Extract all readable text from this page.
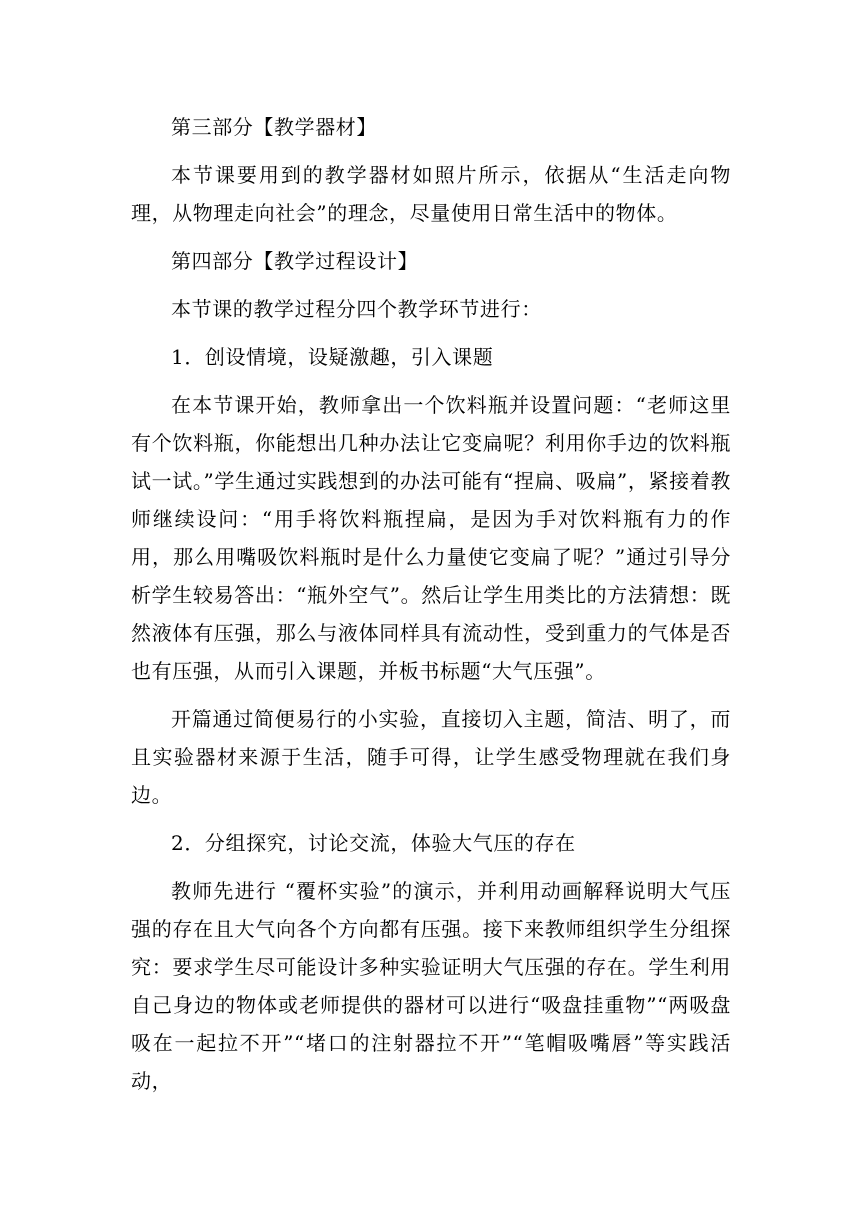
第三部分【教学器材】

本节课要用到的教学器材如照片所示，依据从“生活走向物理，从物理走向社会”的理念，尽量使用日常生活中的物体。

第四部分【教学过程设计】

本节课的教学过程分四个教学环节进行：

1．创设情境，设疑激趣，引入课题

在本节课开始，教师拿出一个饮料瓶并设置问题：“老师这里有个饮料瓶，你能想出几种办法让它变扁呢？利用你手边的饮料瓶试一试。”学生通过实践想到的办法可能有“捏扁、吸扁”，紧接着教师继续设问：“用手将饮料瓶捏扁，是因为手对饮料瓶有力的作用，那么用嘴吸饮料瓶时是什么力量使它变扁了呢？”通过引导分析学生较易答出：“瓶外空气”。然后让学生用类比的方法猜想：既然液体有压强，那么与液体同样具有流动性，受到重力的气体是否也有压强，从而引入课题，并板书标题“大气压强”。

开篇通过简便易行的小实验，直接切入主题，简洁、明了，而且实验器材来源于生活，随手可得，让学生感受物理就在我们身边。

2．分组探究，讨论交流，体验大气压的存在

教师先进行 “覆杯实验”的演示，并利用动画解释说明大气压强的存在且大气向各个方向都有压强。接下来教师组织学生分组探究：要求学生尽可能设计多种实验证明大气压强的存在。学生利用自己身边的物体或老师提供的器材可以进行“吸盘挂重物”“两吸盘吸在一起拉不开”“堵口的注射器拉不开”“笔帽吸嘴唇”等实践活动，
